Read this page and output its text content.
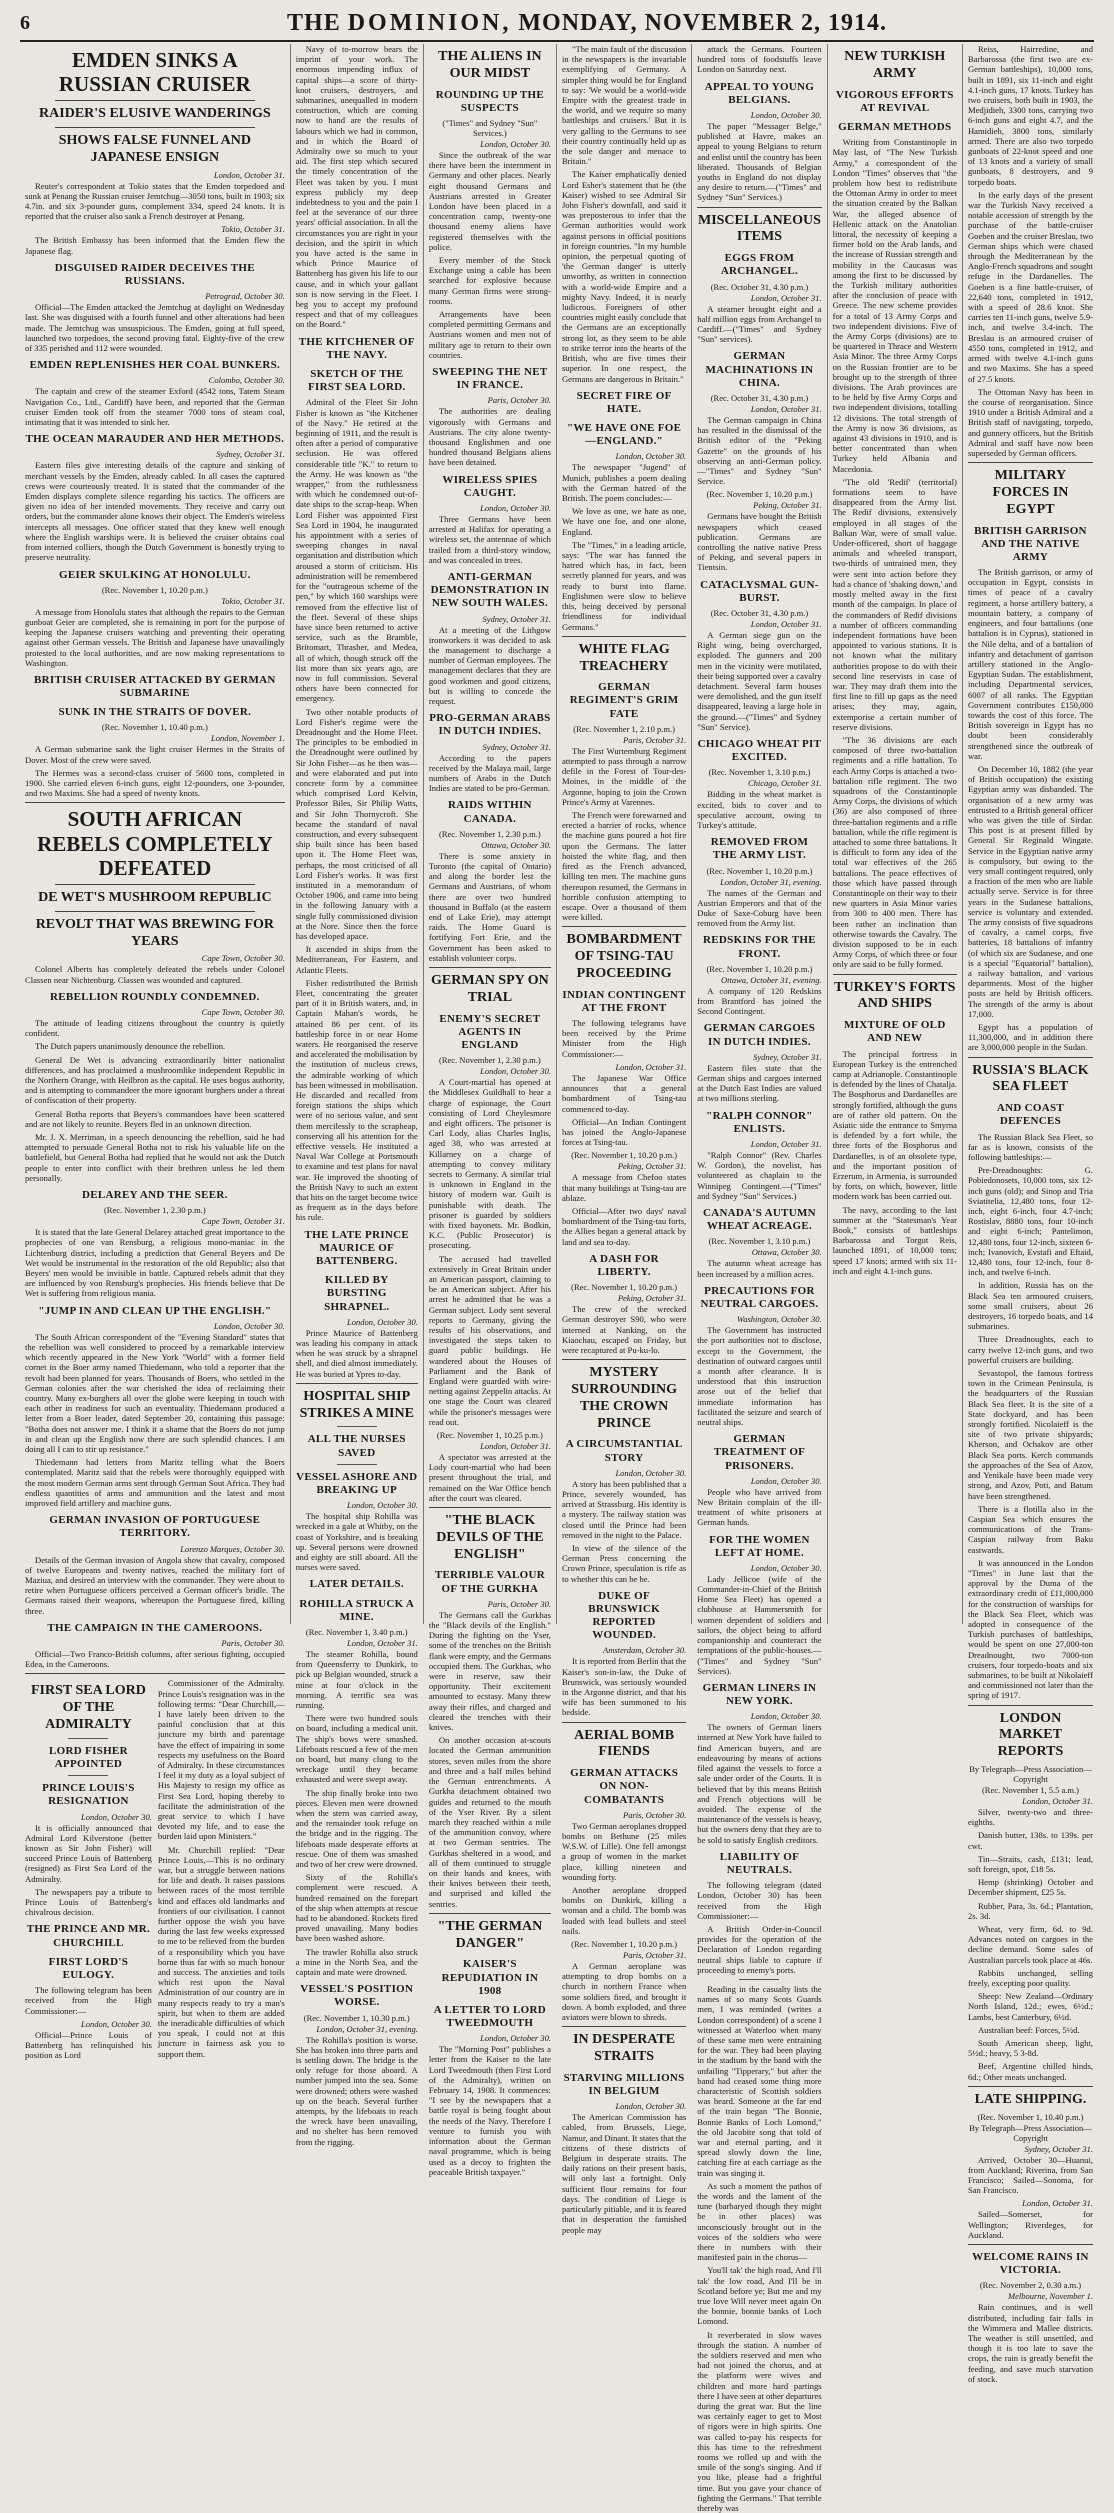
6	THE DOMINION, MONDAY, NOVEMBER 2, 1914.
EMDEN SINKS A RUSSIAN CRUISER
RAIDER'S ELUSIVE WANDERINGS
SHOWS FALSE FUNNEL AND JAPANESE ENSIGN
London, October 31.

Reuter's correspondent at Tokio states that the Emden torpedoed and sunk at Penang the Russian cruiser Jemtchug—3050 tons, built in 1903; six 4.7in. and six 3-pounder guns, complement 334, speed 24 knots. It is reported that the cruiser also sank a French destroyer at Penang.

Tokio, October 31.

The British Embassy has been informed that the Emden flew the Japanese flag.

DISGUISED RAIDER DECEIVES THE RUSSIANS.
Petrograd, October 30.

Official—The Emden attacked the Jemtchug at daylight on Wednesday last. She was disguised with a fourth funnel and other alterations had been made. The Jemtchug was unsuspicious. The Emden, going at full speed, launched two torpedoes, the second proving fatal. Eighty-five of the crew of 335 perished and 112 were wounded.

EMDEN REPLENISHES HER COAL BUNKERS.
Colombo, October 30.

The captain and crew of the steamer Exford (4542 tons, Tatem Steam Navigation Co., Ltd., Cardiff) have been, and reported that the German cruiser Emden took off from the steamer 7000 tons of steam coal, intimating that it was intended to sink her.

THE OCEAN MARAUDER AND HER METHODS.
Sydney, October 31.

Eastern files give interesting details of the capture and sinking of merchant vessels by the Emden, already cabled. In all cases the captured crews were courteously treated. It is stated that the commander of the Emden displays complete silence regarding his tactics. The officers are given no idea of her intended movements. They receive and carry out orders, but the commander alone knows their object. The Emden's wireless intercepts all messages. One officer stated that they knew well enough where the English warships were. It is believed the cruiser obtains coal from interned colliers, though the Dutch Government is honestly trying to preserve neutrality.

GEIER SKULKING AT HONOLULU.
(Rec. November 1, 10.20 p.m.)
Tokio, October 31.

A message from Honolulu states that although the repairs to the German gunboat Geier are completed, she is remaining in port for the purpose of keeping the Japanese cruisers watching and preventing their operating against other German vessels. The British and Japanese have unavailingly protested to the local authorities, and are now making representations to Washington.

BRITISH CRUISER ATTACKED BY GERMAN SUBMARINE
SUNK IN THE STRAITS OF DOVER.
(Rec. November 1, 10.40 p.m.)
London, November 1.

A German submarine sank the light cruiser Hermes in the Straits of Dover. Most of the crew were saved.

The Hermes was a second-class cruiser of 5600 tons, completed in 1900. She carried eleven 6-inch guns, eight 12-pounders, one 3-pounder, and two Maxims. She had a speed of twenty knots.

SOUTH AFRICAN REBELS COMPLETELY DEFEATED
DE WET'S MUSHROOM REPUBLIC
REVOLT THAT WAS BREWING FOR YEARS
Cape Town, October 30.

Colonel Alberts has completely defeated the rebels under Colonel Classen near Nichtenburg. Classen was wounded and captured.

REBELLION ROUNDLY CONDEMNED.
Cape Town, October 30.

The attitude of leading citizens throughout the country is quietly confident.

The Dutch papers unanimously denounce the rebellion.

General De Wet is advancing extraordinarily bitter nationalist differences, and has proclaimed a mushroomlike independent Republic in the Northern Orange, with Heilbron as the capital. He uses bogus authority, and is attempting to commandeer the more ignorant burghers under a threat of confiscation of their property.

General Botha reports that Beyers's commandoes have been scattered and are not likely to reunite. Beyers fled in an unknown direction.

Mr. J. X. Merriman, in a speech denouncing the rebellion, said he had attempted to persuade General Botha not to risk his valuable life on the battlefield, but General Botha had replied that he would not ask the Dutch people to enter into conflict with their brethren unless he led them personally.

DELAREY AND THE SEER.
(Rec. November 1, 2.30 p.m.)
Cape Town, October 31.

It is stated that the late General Delarey attached great importance to the prophecies of one van Rensburg, a religious mono-maniac in the Lichtenburg district, including a prediction that General Beyers and De Wet would be instrumental in the restoration of the old Republic; also that Beyers' men would be invisible in battle. Captured rebels admit that they are influenced by von Rensburg's prophecies. His friends believe that De Wet is suffering from religious mania.

"JUMP IN AND CLEAN UP THE ENGLISH."
London, October 30.

The South African correspondent of the "Evening Standard" states that the rebellion was well considered to proceed by a remarkable interview which recently appeared in the New York "World" with a former field cornet in the Boer army named Thiedemann, who told a reporter that the revolt had been planned for years. Thousands of Boers, who settled in the German colonies after the war cherished the idea of reclaiming their country. Many ex-burghers all over the globe were keeping in touch with each other in readiness for such an eventuality. Thiedemann produced a letter from a Boer leader, dated September 20, containing this passage: "Botha does not answer me. I think it a shame that the Boers do not jump in and clean up the English now there are such splendid chances. I am doing all I can to stir up resistance."

Thiedemann had letters from Maritz telling what the Boers contemplated. Maritz said that the rebels were thoroughly equipped with the most modern German arms sent through German Sout Africa. They had endless quantities of arms and ammunition and the latest and most improved field artillery and machine guns.

GERMAN INVASION OF PORTUGUESE TERRITORY.
Lorenzo Marques, October 30.

Details of the German invasion of Angola show that cavalry, composed of twelve Europeans and twenty natives, reached the military fort of Maziua, and desired an interview with the commander. They were about to retire when Portuguese officers perceived a German officer's bridle. The Germans raised their weapons, whereupon the Portuguese fired, killing three.

THE CAMPAIGN IN THE CAMEROONS.
Paris, October 30.

Official—Two Franco-British columns, after serious fighting, occupied Edea, in the Cameroons.

FIRST SEA LORD OF THE ADMIRALTY
LORD FISHER APPOINTED
PRINCE LOUIS'S RESIGNATION
London, October 30.

It is officially announced that Admiral Lord Kilverstone (better known as Sir John Fisher) will succeed Prince Louis of Battenberg (resigned) as First Sea Lord of the Admiralty.

The newspapers pay a tribute to Prince Louis of Battenberg's chivalrous decision.

THE PRINCE AND MR. CHURCHILL
FIRST LORD'S EULOGY.

The following telegram has been received from the High Commissioner:—

London, October 30.

Official—Prince Louis of Battenberg has relinquished his position as Lord

Commissioner of the Admiralty. Prince Louis's resignation was in the following terms: "Dear Churchill,—I have lately been driven to the painful conclusion that at this juncture my birth and parentage have the effect of impairing in some respects my usefulness on the Board of Admiralty. In these circumstances I feel it my duty as a loyal subject of His Majesty to resign my office as First Sea Lord, hoping thereby to facilitate the administration of the great service to which I have devoted my life, and to ease the burden laid upon Ministers."

Mr. Churchill replied: "Dear Prince Louis,—This is no ordinary war, but a struggle between nations for life and death. It raises passions between races of the most terrible kind and effaces old landmarks and frontiers of our civilisation. I cannot further oppose the wish you have during the last few weeks expressed to me to be relieved from the burden of a responsibility which you have borne thus far with so much honour and success. The anxieties and toils which rest upon the Naval Administration of our country are in many respects ready to try a man's spirit, but when to them are added the ineradicable difficulties of which you speak, I could not at this juncture in fairness ask you to support them.

Navy of to-morrow bears the imprint of your work. The enormous impending influx of capital ships—a score of thirty-knot cruisers, destroyers, and submarines, unequalled in modern construction, which are coming now to hand are the results of labours which we had in common, and in which the Board of Admiralty owe so much to your aid. The first step which secured the timely concentration of the Fleet was taken by you. I must express publicly my deep indebtedness to you and the pain I feel at the severance of our three years' official association. In all the circumstances you are right in your decision, and the spirit in which you have acted is the same in which Prince Maurice of Battenberg has given his life to our cause, and in which your gallant son is now serving in the Fleet. I beg you to accept my profound respect and that of my colleagues on the Board."

THE KITCHENER OF THE NAVY.
SKETCH OF THE FIRST SEA LORD.

Admiral of the Fleet Sir John Fisher is known as "the Kitchener of the Navy." He retired at the beginning of 1911, and the result is often after a period of comparative seclusion. He was offered considerable title "K." to return to the Army. He was known as "the wrapper," from the ruthlessness with which he condemned out-of-date ships to the scrap-heap. When Lord Fisher was appointed First Sea Lord in 1904, he inaugurated his appointment with a series of sweeping changes in naval organisation and distribution which aroused a storm of criticism. His administration will be remembered for the "outrageous scheme of the pen," by which 160 warships were removed from the effective list of the fleet. Several of these ships have since been returned to active service, such as the Bramble, Britomart, Thrasher, and Medea, all of which, though struck off the list more than six years ago, are now in full commission. Several others have been connected for emergency.

Two other notable products of Lord Fisher's regime were the Dreadnought and the Home Fleet. The principles to be embodied in the Dreadnought were outlined by Sir John Fisher—as he then was—and were elaborated and put into concrete form by a committee which comprised Lord Kelvin, Professor Biles, Sir Philip Watts, and Sir John Thornycroft. She became the standard of naval construction, and every subsequent ship built since has been based upon it. The Home Fleet was, perhaps, the most criticised of all Lord Fisher's works. It was first instituted in a memorandum of October 1906, and came into being in the following January with a single fully commissioned division at the Nore. Since then the force has developed apace.

It ascended in ships from the Mediterranean, For Eastern, and Atlantic Fleets.

Fisher redistributed the British Fleet, concentrating the greater part of it in British waters, and, in Captain Mahan's words, he attained 86 per cent. of its battleship force in or near Home waters. He reorganised the reserve and accelerated the mobilisation by the institution of nucleus crews, the admirable working of which has been witnessed in mobilisation. He discarded and recalled from foreign stations the ships which were of no serious value, and sent them mercilessly to the scrapheap, conserving all his attention for the effective vessels. He instituted a Naval War College at Portsmouth to examine and test plans for naval war. He improved the shooting of the British Navy to such an extent that hits on the target become twice as frequent as in the days before his rule.

THE LATE PRINCE MAURICE OF BATTENBERG.
KILLED BY BURSTING SHRAPNEL.
London, October 30.

Prince Maurice of Battenberg was leading his company in attack when he was struck by a shrapnel shell, and died almost immediately. He was buried at Ypres to-day.

HOSPITAL SHIP STRIKES A MINE
ALL THE NURSES SAVED
VESSEL ASHORE AND BREAKING UP
London, October 30.

The hospital ship Rohilla was wrecked in a gale at Whitby, on the coast of Yorkshire, and is breaking up. Several persons were drowned and eighty are still aboard. All the nurses were saved.

LATER DETAILS.
ROHILLA STRUCK A MINE.
(Rec. November 1, 3.40 p.m.)
London, October 31.

The steamer Rohilla, bound from Queensferry to Dunkirk, to pick up Belgian wounded, struck a mine at four o'clock in the morning. A terrific sea was running.

There were two hundred souls on board, including a medical unit. The ship's bows were smashed. Lifeboats rescued a few of the men on board, but many clung to the wreckage until they became exhausted and were swept away.

The ship finally broke into two pieces. Eleven men were drowned when the stern was carried away, and the remainder took refuge on the bridge and in the rigging. The lifeboats made desperate efforts at rescue. One of them was smashed and two of her crew were drowned.

Sixty of the Rohilla's complement were rescued. A hundred remained on the forepart of the ship when attempts at rescue had to be abandoned. Rockets fired proved unavailing. Many bodies have been washed ashore.

The trawler Rohilla also struck a mine in the North Sea, and the captain and mate were drowned.

VESSEL'S POSITION WORSE.
(Rec. November 1, 10.30 p.m.)
London, October 31, evening.

The Rohilla's position is worse. She has broken into three parts and is settling down. The bridge is the only refuge for those aboard. A number jumped into the sea. Some were drowned; others were washed up on the beach. Several further attempts, by the lifeboats to reach the wreck have been unavailing, and no shelter has been removed from the rigging.

THE ALIENS IN OUR MIDST
ROUNDING UP THE SUSPECTS
("Times" and Sydney "Sun" Services.)
London, October 30.

Since the outbreak of the war there have been the internment in Germany and other places. Nearly eight thousand Germans and Austrians arrested in Greater London have been placed in a concentration camp, twenty-one thousand enemy aliens have registered themselves with the police.

Every member of the Stock Exchange using a cable has been searched for explosive because many German firms were strong-rooms.

Arrangements have been completed permitting Germans and Austrians women and men not of military age to return to their own countries.

SWEEPING THE NET IN FRANCE.
Paris, October 30.

The authorities are dealing vigorously with Germans and Austrians. The city alone twenty-thousand Englishmen and one hundred thousand Belgians aliens have been detained.

WIRELESS SPIES CAUGHT.
London, October 30.

Three Germans have been arrested at Halifax for operating a wireless set, the antennae of which trailed from a third-story window, and was concealed in trees.

ANTI-GERMAN DEMONSTRATION IN NEW SOUTH WALES.
Sydney, October 31.

At a meeting of the Lithgow ironworkers it was decided to ask the management to discharge a number of German employees. The management declares that they are good workmen and good citizens, but is willing to concede the request.

PRO-GERMAN ARABS IN DUTCH INDIES.
Sydney, October 31.

According to the papers received by the Malaya mail, large numbers of Arabs in the Dutch Indies are stated to be pro-German.

RAIDS WITHIN CANADA.
(Rec. November 1, 2.30 p.m.)
Ottawa, October 30.

There is some anxiety in Toronto (the capital of Ontario) and along the border lest the Germans and Austrians, of whom there are over two hundred thousand in Buffalo (at the eastern end of Lake Erie), may attempt raids. The Home Guard is fortifying Fort Erie, and the Government has been asked to establish volunteer corps.

GERMAN SPY ON TRIAL
ENEMY'S SECRET AGENTS IN ENGLAND
(Rec. November 1, 2.30 p.m.)
London, October 30.

A Court-martial has opened at the Middlesex Guildhall to hear a charge of espionage, the Court consisting of Lord Cheylesmore and eight officers. The prisoner is Carl Lody, alias Charles Inglis, aged 38, who was arrested at Killarney on a charge of attempting to convey military secrets to Germany. A similar trial is unknown in England in the history of modern war. Guilt is punishable with death. The prisoner is guarded by soldiers with fixed bayonets. Mr. Bodkin, K.C. (Public Prosecutor) is prosecuting.

The accused had travelled extensively in Great Britain under an American passport, claiming to be an American subject. After his arrest he admitted that he was a German subject. Lody sent several reports to Germany, giving the results of his observations, and investigated the steps taken to guard public buildings. He wandered about the Houses of Parliament and the Bank of England were guarded with wire-netting against Zeppelin attacks. At one stage the Court was cleared while the prisoner's messages were read out.

(Rec. November 1, 10.25 p.m.)
London, October 31.

A spectator was arrested at the Lody court-martial who had been present throughout the trial, and remained on the War Office bench after the court was cleared.

"THE BLACK DEVILS OF THE ENGLISH"
TERRIBLE VALOUR OF THE GURKHA
Paris, October 30.

The Germans call the Gurkhas the "Black devils of the English." During the fighting on the Yser, some of the trenches on the British flank were empty, and the Germans occupied them. The Gurkhas, who were in reserve, saw their opportunity. Their excitement amounted to ecstasy. Many threw away their rifles, and charged and cleared the trenches with their knives.

On another occasion at-scouts located the German ammunition stores, seven miles from the shore and three and a half miles behind the German entrenchments. A Gurkha detachment obtained two guides and returned to the mouth of the Yser River. By a silent march they reached within a mile of the ammunition convoy, where at two German sentries. The Gurkhas sheltered in a wood, and all of them continued to struggle on their hands and knees, with their knives between their teeth, and surprised and killed the sentries.

"THE GERMAN DANGER"
KAISER'S REPUDIATION IN 1908
A LETTER TO LORD TWEEDMOUTH
London, October 30.

The "Morning Post" publishes a letter from the Kaiser to the late Lord Tweedmouth (then First Lord of the Admiralty), written on February 14, 1908. It commences: "I see by the newspapers that a battle royal is being fought about the needs of the Navy. Therefore I venture to furnish you with information about the German naval programme, which is being used as a decoy to frighten the peaceable British taxpayer."

"The main fault of the discussion in the newspapers is the invariable exemplifying of Germany. A simpler thing would be for England to say: 'We would be a world-wide Empire with the greatest trade in the world, and we require so many battleships and cruisers.' But it is very galling to the Germans to see their country continually held up as the sole danger and menace to Britain."

The Kaiser emphatically denied Lord Esher's statement that he (the Kaiser) wished to see Admiral Sir John Fisher's downfall, and said it was preposterous to infer that the German authorities would work against persons in official positions in foreign countries. "In my humble opinion, the perpetual quoting of 'the German danger' is utterly unworthy, as written in connection with a world-wide Empire and a mighty Navy. Indeed, it is nearly ludicrous. Foreigners of other countries might easily conclude that the Germans are an exceptionally strong lot, as they seem to be able to strike terror into the hearts of the British, who are five times their superior. In one respect, the Germans are dangerous in Britain."

SECRET FIRE OF HATE.
"WE HAVE ONE FOE—ENGLAND."
London, October 30.

The newspaper "Jugend" of Munich, publishes a poem dealing with the German hatred of the British. The poem concludes:—

We love as one, we hate as one, We have one foe, and one alone, England.

The "Times," in a leading article, says: "The war has fanned the hatred which has, in fact, been secretly planned for years, and was ready to burst into flame. Englishmen were slow to believe this, being deceived by personal friendliness for individual Germans."

WHITE FLAG TREACHERY
GERMAN REGIMENT'S GRIM FATE
(Rec. November 1, 2.10 p.m.)
Paris, October 31.

The First Wurtemburg Regiment attempted to pass through a narrow defile in the Forest of Tour-des-Moines, in the middle of the Argonne, hoping to join the Crown Prince's Army at Varennes.

The French were forewarned and erected a barrier of rocks, whence the machine guns poured a hot fire upon the Germans. The latter hoisted the white flag, and then fired as the French advanced, killing ten men. The machine guns thereupon resumed, the Germans in horrible confusion attempting to escape. Over a thousand of them were killed.

BOMBARDMENT OF TSING-TAU PROCEEDING
INDIAN CONTINGENT AT THE FRONT

The following telegrams have been received by the Prime Minister from the High Commissioner:—

London, October 31.

The Japanese War Office announces that a general bombardment of Tsing-tau commenced to-day.

Official—An Indian Contingent has joined the Anglo-Japanese forces at Tsing-tau.

(Rec. November 1, 10.20 p.m.)
Peking, October 31.

A message from Chefoo states that many buildings at Tsing-tau are ablaze.

Official—After two days' naval bombardment of the Tsing-tau forts, the Allies began a general attack by land and sea to-day.

A DASH FOR LIBERTY.
(Rec. November 1, 10.20 p.m.)
Peking, October 31.

The crew of the wrecked German destroyer S90, who were interned at Nanking, on the Kiaochau, escaped on Friday, but were recaptured at Pu-ku-lo.

MYSTERY SURROUNDING THE CROWN PRINCE
A CIRCUMSTANTIAL STORY
London, October 30.

A story has been published that a Prince, severely wounded, has arrived at Strassburg. His identity is a mystery. The railway station was closed until the Prince had been removed in the night to the Palace.

In view of the silence of the German Press concerning the Crown Prince, speculation is rife as to whether this can be he.

DUKE OF BRUNSWICK REPORTED WOUNDED.
Amsterdam, October 30.

It is reported from Berlin that the Kaiser's son-in-law, the Duke of Brunswick, was seriously wounded in the Argonne district, and that his wife has been summoned to his bedside.

AERIAL BOMB FIENDS
GERMAN ATTACKS ON NON-COMBATANTS
Paris, October 30.

Two German aeroplanes dropped bombs on Bethune (25 miles W.S.W. of Lille). One fell amongst a group of women in the market place, killing nineteen and wounding forty.

Another aeroplane dropped bombs on Dunkirk, killing a woman and a child. The bomb was loaded with lead bullets and steel nails.

(Rec. November 1, 10.20 p.m.)
Paris, October 31.

A German aeroplane was attempting to drop bombs on a church in northern France when some soldiers fired, and brought it down. A bomb exploded, and three aviators were blown to shreds.

IN DESPERATE STRAITS
STARVING MILLIONS IN BELGIUM
London, October 30.

The American Commission has cabled, from Brussels, Liege, Namur, and Dinant. It states that the citizens of these districts of Belgium in desperate straits. The daily rations on their present basis, will only last a fortnight. Only sufficient flour remains for four days. The condition of Liege is particularly pitiable, and it is feared that in desperation the famished people may

attack the Germans. Fourteen hundred tons of foodstuffs leave London on Saturday next.

APPEAL TO YOUNG BELGIANS.
London, October 30.

The paper "Messager Belge," published at Havre, makes an appeal to young Belgians to return and enlist until the country has been liberated. Thousands of Belgian youths in England do not display any desire to return.—("Times" and Sydney "Sun" Services.)

MISCELLANEOUS ITEMS
EGGS FROM ARCHANGEL.
(Rec. October 31, 4.30 p.m.)
London, October 31.

A steamer brought eight and a half million eggs from Archangel to Cardiff.—("Times" and Sydney "Sun" services).

GERMAN MACHINATIONS IN CHINA.
(Rec. October 31, 4.30 p.m.)
London, October 31.

The German campaign in China has resulted in the dismissal of the British editor of the "Peking Gazette" on the grounds of his observing an anti-German policy.—"Times" and Sydney "Sun" Service.

(Rec. November 1, 10.20 p.m.)
Peking, October 31.

Germans have bought the British newspapers which ceased publication. Germans are controlling the native native Press of Peking, and several papers in Tientsin.

CATACLYSMAL GUN-BURST.
(Rec. October 31, 4.30 p.m.)
London, October 31.

A German siege gun on the Right wing, being overcharged, exploded. The gunners and 200 men in the vicinity were mutilated, their being supported over a cavalry detachment. Several farm houses were demolished, and the gun itself disappeared, leaving a large hole in the ground.—("Times" and Sydney "Sun" Service).

CHICAGO WHEAT PIT EXCITED.
(Rec. November 1, 3.10 p.m.)
Chicago, October 31.

Bidding in the wheat market is excited, bids to cover and to speculative account, owing to Turkey's attitude.

REMOVED FROM THE ARMY LIST.
(Rec. November 1, 10.20 p.m.)
London, October 31, evening.

The names of the German and Austrian Emperors and that of the Duke of Saxe-Coburg have been removed from the Army list.

REDSKINS FOR THE FRONT.
(Rec. November 1, 10.20 p.m.)
Ottawa, October 31, evening.

A company of 120 Redskins from Brantford has joined the Second Contingent.

GERMAN CARGOES IN DUTCH INDIES.
Sydney, October 31.

Eastern files state that the German ships and cargoes interned at the Dutch East Indies are valued at two millions sterling.

"RALPH CONNOR" ENLISTS.
London, October 31.

"Ralph Connor" (Rev. Charles W. Gordon), the novelist, has volunteered as chaplain to the Winnipeg Contingent.—("Times" and Sydney "Sun" Services.)

CANADA'S AUTUMN WHEAT ACREAGE.
(Rec. November 1, 3.10 p.m.)
Ottawa, October 30.

The autumn wheat acreage has been increased by a million acres.

PRECAUTIONS FOR NEUTRAL CARGOES.
Washington, October 30.

The Government has instructed the port authorities not to disclose, except to the Government, the destination of outward cargoes until a month after clearance. It is understood that this instruction arose out of the belief that immediate information has facilitated the seizure and search of neutral ships.

GERMAN TREATMENT OF PRISONERS.
London, October 30.

People who have arrived from New Britain complain of the ill-treatment of white prisoners at German hands.

FOR THE WOMEN LEFT AT HOME.
London, October 30.

Lady Jellicoe (wife of the Commander-in-Chief of the British Home Sea Fleet) has opened a clubhouse at Hammersmith for women dependent of soldiers and sailors, the object being to afford companionship and counteract the temptations of the public-houses.—("Times" and Sydney "Sun" Services).

GERMAN LINERS IN NEW YORK.
London, October 30.

The owners of German liners interned at New York have failed to find American buyers, and are endeavouring by means of actions filed against the vessels to force a sale under order of the Courts. It is believed that by this means British and French objections will be avoided. The expense of the maintenance of the vessels is heavy, but the owners deny that they are to be sold to satisfy English creditors.

LIABILITY OF NEUTRALS.

The following telegram (dated London, October 30) has been received from the High Commissioner:—

A British Order-in-Council provides for the operation of the Declaration of London regarding neutral ships liable to capture if proceeding to enemy's ports.

Reading in the casualty lists the names of so many Scots Guards men, I was reminded (writes a London correspondent) of a scene I witnessed at Waterloo when many of these same men were entraining for the war. They had been playing in the stadium by the band with the unfailing "Tipperary," but after the band had ceased some thing more characteristic of Scottish soldiers was heard. Someone at the far end of the train began "The Bonnie, Bonnie Banks of Loch Lomond," the old Jacobite song that told of war and eternal parting, and it spread slowly down the line, catching fire at each carriage as the train was singing it.

As such a moment the pathos of the words and the lament of the tune (barbaryed though they might be in other places) was unconsciously brought out in the voices of the soldiers who were there in numbers with their manifested pain in the chorus—

You'll tak' the high road, And I'll tak' the low road, And I'll be in Scotland before ye; But me and my true love Will never meet again On the bonnie, bonnie banks of Loch Lomond.

It reverberated in slow waves through the station. A number of the soldiers reserved and men who had not joined the chorus, and at the platform were wives and children and more hard partings there I have seen at other departures during the great war. But the line was certainly eager to get to Most of rigors were in high spirits. One was called to-pay his respects for this has time to the refreshment rooms we rolled up and with the smile of the song's singing. And if you like, please had a frightful time. But you gave your chance of fighting the Germans." That terrible thereby was

NEW TURKISH ARMY
VIGOROUS EFFORTS AT REVIVAL
GERMAN METHODS

Writing from Constantinople in May last, of "The New Turkish Army," a correspondent of the London "Times" observes that "the problem how best to redistribute the Ottoman Army in order to meet the situation created by the Balkan War, the alleged absence of Hellenic attack on the Anatolian littoral, the necessity of keeping a firmer hold on the Arab lands, and the increase of Russian strength and mobility in the Caucasus was among the first to be discussed by the Turkish military authorities after the conclusion of peace with Greece. The new scheme provides for a total of 13 Army Corps and two independent divisions. Five of the Army Corps (divisions) are to be quartered in Thrace and Western Asia Minor. The three Army Corps on the Russian frontier are to be brought up to the strength of three divisions. The Arab provinces are to be held by five Army Corps and two independent divisions, totalling 12 divisions. The total strength of the Army is now 36 divisions, as against 43 divisions in 1910, and is better concentrated than when Turkey held Albania and Macedonia.

"The old 'Redif' (territorial) formations seem to have disappeared from the Army list. The Redif divisions, extensively employed in all stages of the Balkan War, were of small value. Under-officered, short of baggage animals and wheeled transport, two-thirds of untrained men, they were sent into action before they had a chance of 'shaking down,' and mostly melted away in the first month of the campaign. In place of the commanders of Redif divisions a number of officers commanding independent formations have been appointed to various stations. It is not known what the military authorities propose to do with their second line reservists in case of war. They may draft them into the first line to fill up gaps as the need arises; they may, again, extemporise a certain number of reserve divisions.

"The 36 divisions are each composed of three two-battalion regiments and a rifle battalion. To each Army Corps is attached a two-battalion rifle regiment. The two squadrons of the Constantinople Army Corps, the divisions of which (36) are also composed of three three-battalion regiments and a rifle battalion, while the rifle regiment is attached to some three battalions. It is difficult to form any idea of the total war effectives of the 265 battalions. The peace effectives of those which have passed through Constantinople on their way to their new quarters in Asia Minor varies from 300 to 400 men. There has been rather an inclination than otherwise towards the Cavalry. The division supposed to be in each Army Corps, of which three or four only are said to be fully formed.

TURKEY'S FORTS AND SHIPS
MIXTURE OF OLD AND NEW

The principal fortress in European Turkey is the entrenched camp at Adrianople. Constantinople is defended by the lines of Chatalja. The Bosphorus and Dardanelles are strongly fortified, although the guns are of rather old pattern. On the Asiatic side the entrance to Smyrna is defended by a fort while, the three forts of the Bosphorus and Dardanelles, is of an obsolete type, and the important position of Erzerum, in Armenia, is surrounded by forts, on which, however, little modern work has been carried out.

The navy, according to the last summer at the "Statesman's Year Book," consists of battleships Barbarossa and Torgut Reis, launched 1891, of 10,000 tons; speed 17 knots; armed with six 11-inch and eight 4.1-inch guns.

Reiss, Hairredine, and Barbarossa (the first two are ex-German battleships), 10,000 tons, built in 1891, six 11-inch and eight 4.1-inch guns, 17 knots. Turkey has two cruisers, both built in 1903, the Medjidieh, 3300 tons, carrying two 6-inch guns and eight 4.7, and the Hamidieh, 3800 tons, similarly armed. There are also two torpedo gunboats of 22-knot speed and one of 13 knots and a variety of small gunboats, 8 destroyers, and 9 torpedo boats.

In the early days of the present war the Turkish Navy received a notable accession of strength by the purchase of the battle-cruiser Goeben and the cruiser Breslau, two German ships which were chased through the Mediterranean by the Anglo-French squadrons and sought refuge in the Dardanelles. The Goeben is a fine battle-cruiser, of 22,640 tons, completed in 1912, with a speed of 28.6 knot. She carries ten 11-inch guns, twelve 5.9-inch, and twelve 3.4-inch. The Breslau is an armoured cruiser of 4550 tons, completed in 1912, and armed with twelve 4.1-inch guns and two Maxims. She has a speed of 27.5 knots.

The Ottoman Navy has been in the course of reorganisation. Since 1910 under a British Admiral and a British staff of navigating, torpedo, and gunnery officers, but the British Admiral and staff have now been superseded by German officers.

MILITARY FORCES IN EGYPT
BRITISH GARRISON AND THE NATIVE ARMY

The British garrison, or army of occupation in Egypt, consists in times of peace of a cavalry regiment, a horse artillery battery, a mountain battery, a company of engineers, and four battalions (one battalion is in Cyprus), stationed in the Nile delta, and of a battalion of infantry and detachment of garrison artillery stationed in the Anglo-Egyptian Sudan. The establishment, including Departmental services, 6007 of all ranks. The Egyptian Government contributes £150,000 towards the cost of this force. The British sovereign in Egypt has no doubt been considerably strengthened since the outbreak of war.

On December 10, 1882 (the year of British occupation) the existing Egyptian army was disbanded. The organisation of a new army was entrusted to a British general officer who was given the title of Sirdar. This post is at present filled by General Sir Reginald Wingate. Service in the Egyptian native army is compulsory, but owing to the very small contingent required, only a fraction of the men who are liable actually serve. Service is for three years in the Sudanese battalions, service is voluntary and extended. The army consists of five squadrons of cavalry, a camel corps, five batteries, 18 battalions of infantry (of which six are Sudanese, and one is a special "Equatorial" battalion), a railway battalion, and various departments. Most of the higher posts are held by British officers. The strength of the army is about 17,000.

Egypt has a population of 11,300,000, and in addition there are 3,000,000 people in the Sudan.

RUSSIA'S BLACK SEA FLEET
AND COAST DEFENCES

The Russian Black Sea Fleet, so far as is known, consists of the following battleships:—

Pre-Dreadnoughts: G. Pobiedonosets, 10,000 tons, six 12-inch guns (old); and Sinop and Tria Sviatitelia, 12,480 tons, four 12-inch, eight 6-inch, four 4.7-inch; Rostislav, 8880 tons, four 10-inch and eight 6-inch; Pantelimon, 12,480 tons, four 12-inch, sixteen 6-inch; Ivanovich, Evstafi and Eftaid, 12,480 tons, four 12-inch, four 8-inch, and twelve 6-inch.

In addition, Russia has on the Black Sea ten armoured cruisers, some small cruisers, about 26 destroyers, 16 torpedo boats, and 14 submarines.

Three Dreadnoughts, each to carry twelve 12-inch guns, and two powerful cruisers are building.

Sevastopol, the famous fortress town in the Crimean Peninsula, is the headquarters of the Russian Black Sea fleet. It is the site of a State dockyard, and has been strongly fortified. Nicolaieff is the site of two private shipyards; Kherson, and Ochakov are other Black Sea ports. Kerch commands the approaches of the Sea of Azov, and Yenikale have been made very strong, and Azov, Poti, and Batum have been strengthened.

There is a flotilla also in the Caspian Sea which ensures the communications of the Trans-Caspian railway from Baku eastwards.

It was announced in the London "Times" in June last that the approval by the Duma of the extraordinary credit of £11,000,000 for the construction of warships for the Black Sea Fleet, which was adopted in consequence of the Turkish purchases of battleships, would be spent on one 27,000-ton Dreadnought, two 7000-ton cruisers, four torpedo-boats and six submarines, to be built at Nikolaieff and commissioned not later than the spring of 1917.

LONDON MARKET REPORTS
By Telegraph—Press Association—Copyright
(Rec. November 1, 5.5 a.m.)
London, October 31.

Silver, twenty-two and three-eighths.

Danish butter, 138s. to 139s. per cwt.

Tin—Straits, cash, £131; lead, soft foreign, spot, £18 5s.

Hemp (shrinking) October and December shipment, £25 5s.

Rubber, Para, 3s. 6d.; Plantation, 2s. 3d.

Wheat, very firm, 6d. to 9d. Advances noted on cargoes in the decline demand. Some sales of Australian parcels took place at 46s.

Rabbits unchanged, selling freely, excepting poor quality.

Sheep: New Zealand—Ordinary North Island, 12d.; ewes, 6½d.; Lambs, best Canterbury, 6½d.

Australian beef: Forces, 5½d.

South American sheep, light, 5½d.; heavy, 5 3-8d.

Beef, Argentine chilled hinds, 6d.; Other meats unchanged.

LATE SHIPPING.
(Rec. November 1, 10.40 p.m.)
By Telegraph—Press Association—Copyright
Sydney, October 31.

Arrived, October 30—Huanui, from Auckland; Riverina, from San Francisco; Sailed—Sonoma, for San Francisco.

London, October 31.

Sailed—Somerset, for Wellington; Riverdeges, for Auckland.

WELCOME RAINS IN VICTORIA.
(Rec. November 2, 0.30 a.m.)
Melbourne, November 1.

Rain continues, and is well distributed, including fair falls in the Wimmera and Mallee districts. The weather is still unsettled, and though it is too late to save the crops, the rain is greatly benefit the feeding, and save much starvation of stock.
